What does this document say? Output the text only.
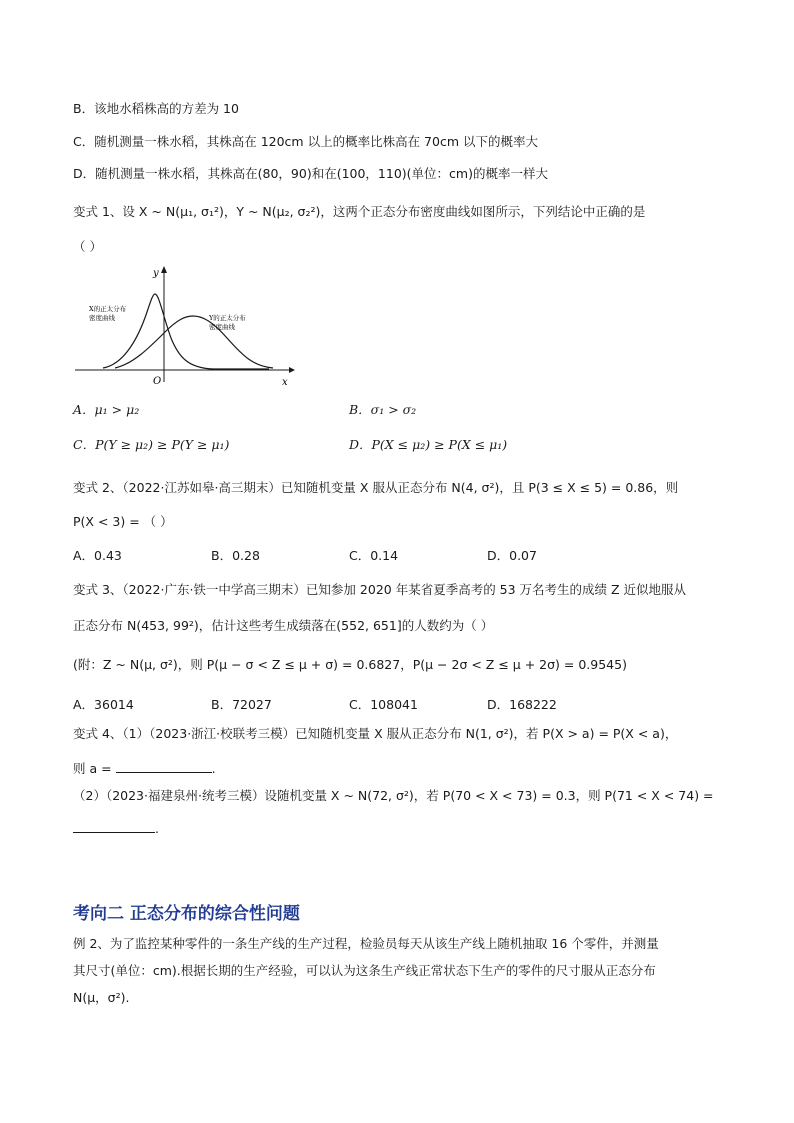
B．该地水稻株高的方差为 10
C．随机测量一株水稻，其株高在 120cm 以上的概率比株高在 70cm 以下的概率大
D．随机测量一株水稻，其株高在(80，90)和在(100，110)(单位：cm)的概率一样大
变式 1、设 X ~ N(μ₁, σ₁²)，Y ~ N(μ₂, σ₂²)，这两个正态分布密度曲线如图所示，下列结论中正确的是
（ ）
y
x
O
X的正太分布
密度曲线	Y的正太分布
密度曲线
A．μ₁ > μ₂	B．σ₁ > σ₂
C．P(Y ≥ μ₂) ≥ P(Y ≥ μ₁)	D．P(X ≤ μ₂) ≥ P(X ≤ μ₁)
变式 2、（2022·江苏如皋·高三期末）已知随机变量 X 服从正态分布 N(4, σ²)，且 P(3 ≤ X ≤ 5) = 0.86，则
P(X < 3) = （ ）
A．0.43	B．0.28	C．0.14	D．0.07
变式 3、（2022·广东·铁一中学高三期末）已知参加 2020 年某省夏季高考的 53 万名考生的成绩 Z 近似地服从
正态分布 N(453, 99²)，估计这些考生成绩落在(552, 651]的人数约为（ ）
(附：Z ~ N(μ, σ²)，则 P(μ − σ < Z ≤ μ + σ) = 0.6827，P(μ − 2σ < Z ≤ μ + 2σ) = 0.9545)
A．36014	B．72027	C．108041	D．168222
变式 4、（1）（2023·浙江·校联考三模）已知随机变量 X 服从正态分布 N(1, σ²)，若 P(X > a) = P(X < a)，
则 a =	.
（2）（2023·福建泉州·统考三模）设随机变量 X ~ N(72, σ²)，若 P(70 < X < 73) = 0.3，则 P(71 < X < 74) =
.
考向二 正态分布的综合性问题
例 2、为了监控某种零件的一条生产线的生产过程，检验员每天从该生产线上随机抽取 16 个零件，并测量
其尺寸(单位：cm).根据长期的生产经验，可以认为这条生产线正常状态下生产的零件的尺寸服从正态分布
N(μ，σ²).
